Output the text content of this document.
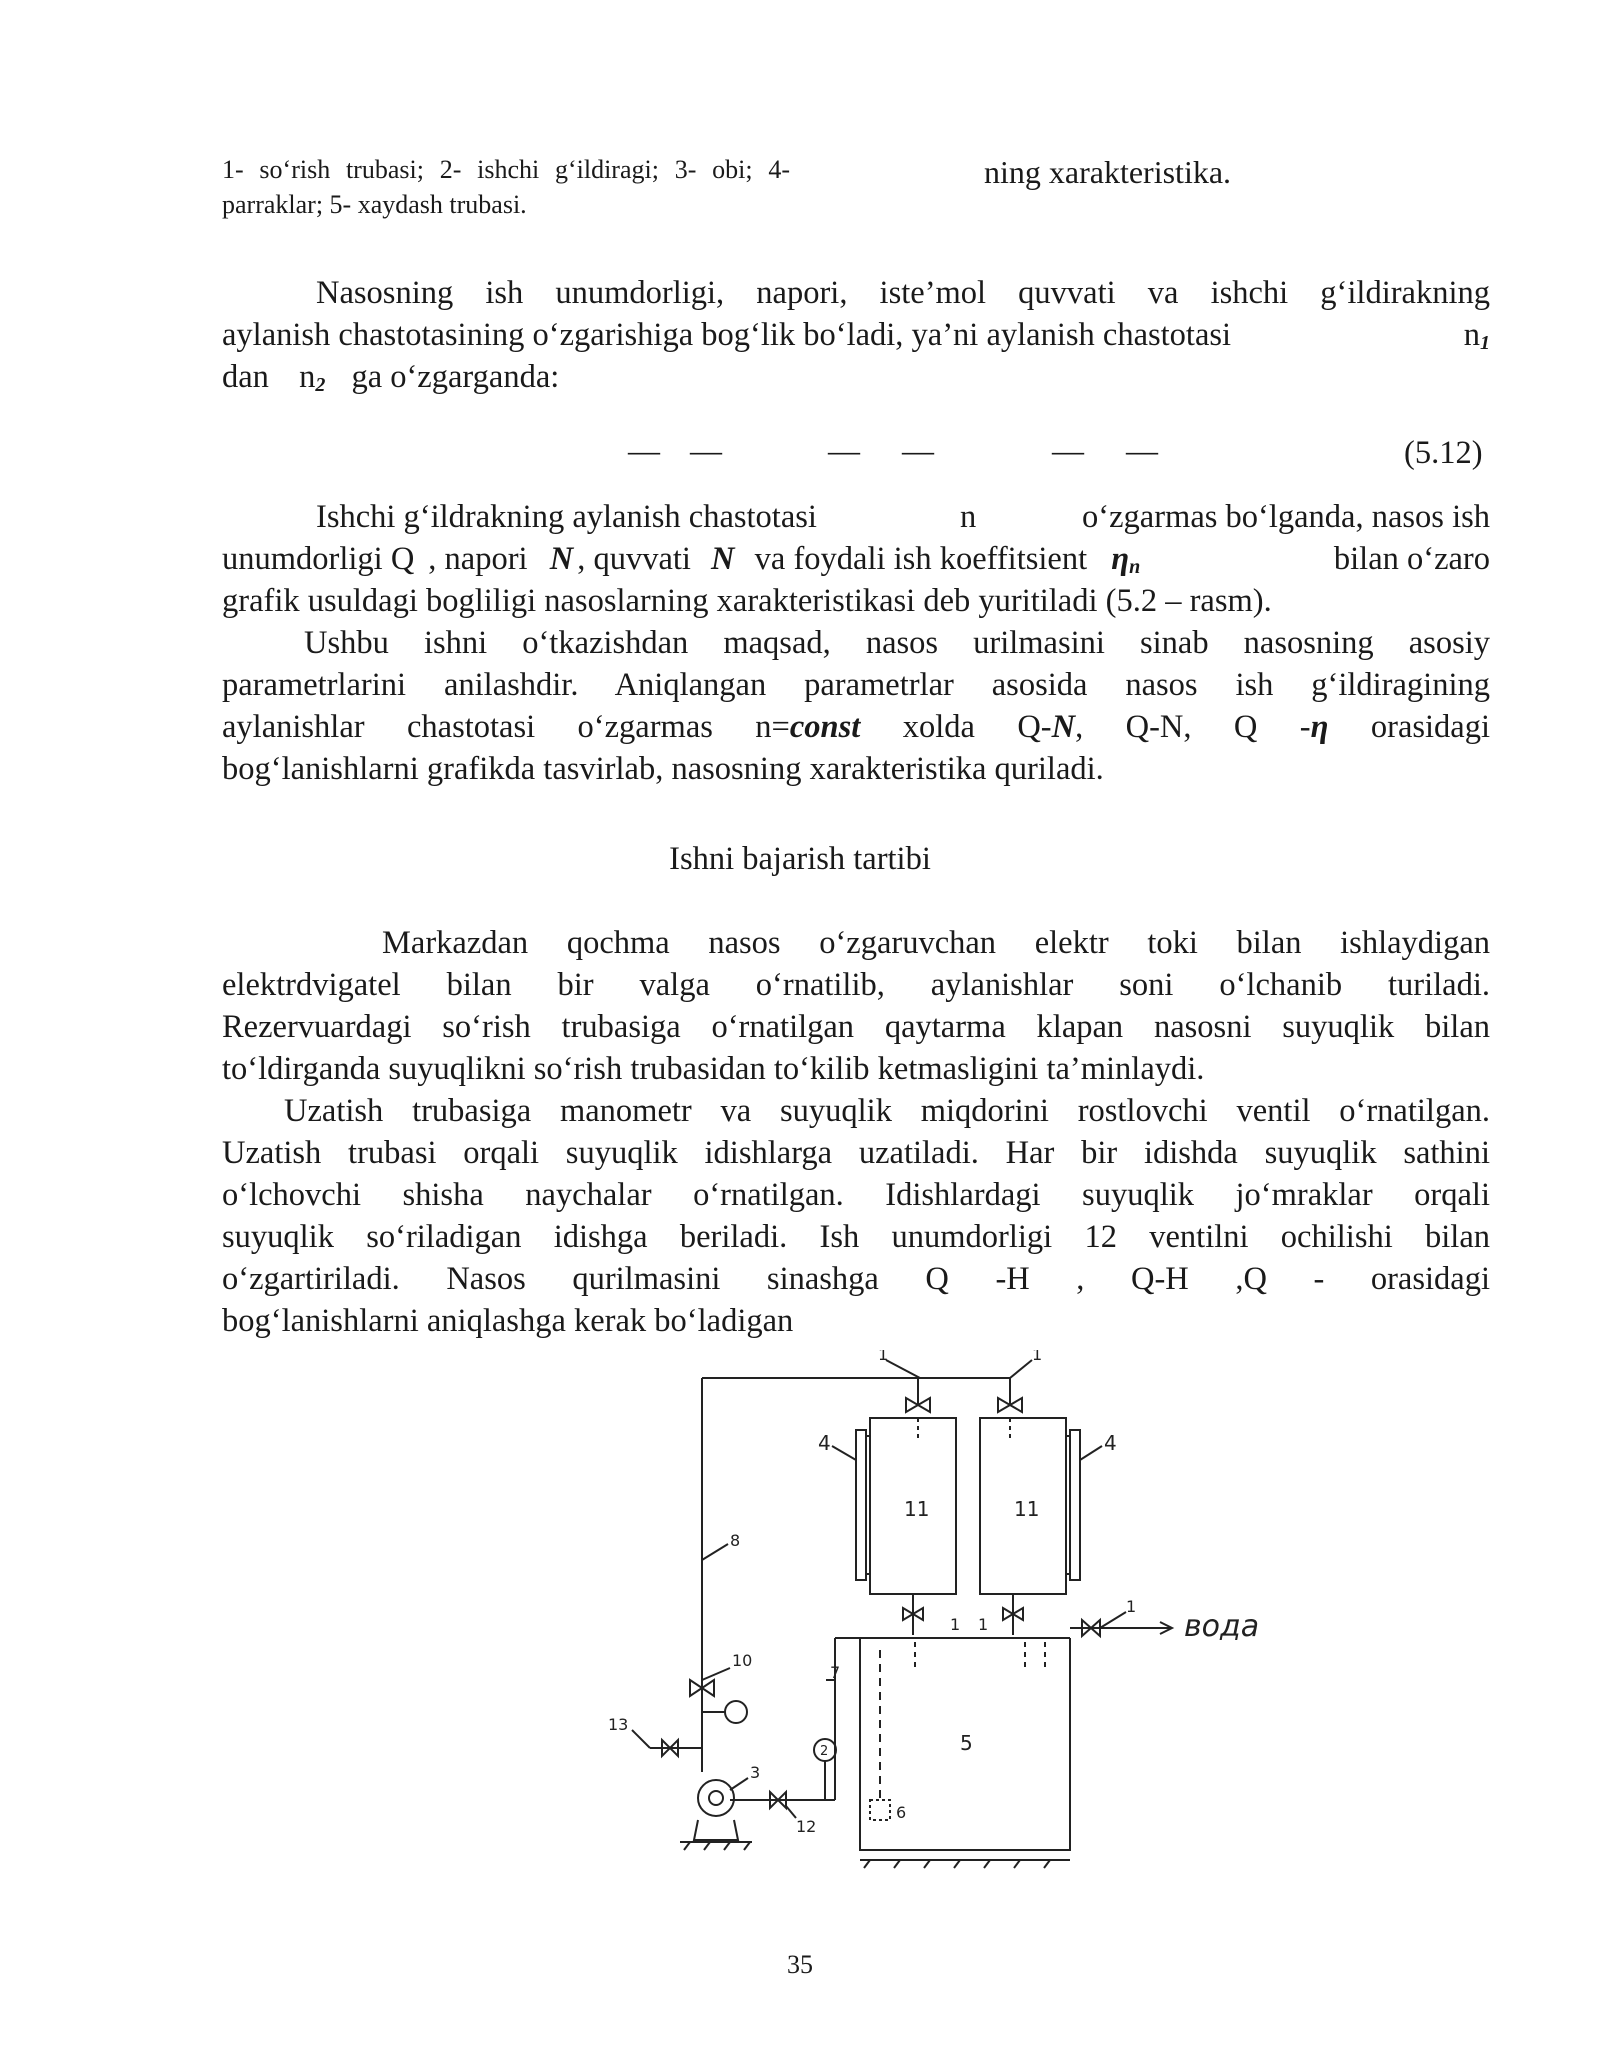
1- so‘rish trubasi; 2- ishchi g‘ildiragi; 3- obi; 4- parraklar; 5- xaydash trubasi.
ning xarakteristika.
Nasosning ish unumdorligi, napori, iste’mol quvvati va ishchi g‘ildirakning
aylanish chastotasining o‘zgarishiga bog‘lik bo‘ladi, ya’ni aylanish chastotasi	$n_1$
dan $n_2$ ga o‘zgarganda:
— —	— —	— —	(5.12)
Ishchi g‘ildrakning aylanish chastotasi	n	o‘zgarmas bo‘lganda, nasos ish
unumdorligi Q , napori N , quvvati N va foydali ish koeffitsient $\eta_n$	bilan o‘zaro
grafik usuldagi bogliligi nasoslarning xarakteristikasi deb yuritiladi (5.2 – rasm).
Ushbu ishni o‘tkazishdan maqsad, nasos urilmasini sinab nasosning asosiy
parametrlarini anilashdir. Aniqlangan parametrlar asosida nasos ish g‘ildiragining
aylanishlar chastotasi o‘zgarmas n=const xolda Q-N, Q-N, Q -η orasidagi
bog‘lanishlarni grafikda tasvirlab, nasosning xarakteristika quriladi.
Ishni bajarish tartibi
Markazdan qochma nasos o‘zgaruvchan elektr toki bilan ishlaydigan
elektrdvigatel bilan bir valga o‘rnatilib, aylanishlar soni o‘lchanib turiladi.
Rezervuardagi so‘rish trubasiga o‘rnatilgan qaytarma klapan nasosni suyuqlik bilan
to‘ldirganda suyuqlikni so‘rish trubasidan to‘kilib ketmasligini ta’minlaydi.
Uzatish trubasiga manometr va suyuqlik miqdorini rostlovchi ventil o‘rnatilgan.
Uzatish trubasi orqali suyuqlik idishlarga uzatiladi. Har bir idishda suyuqlik sathini
o‘lchovchi shisha naychalar o‘rnatilgan. Idishlardagi suyuqlik jo‘mraklar orqali
suyuqlik so‘riladigan idishga beriladi. Ish unumdorligi 12 ventilni ochilishi bilan
o‘zgartiriladi. Nasos qurilmasini sinashga Q -H , Q-H ,Q - orasidagi
bog‘lanishlarni aniqlashga kerak bo‘ladigan
1	1
1 1
1
4	4
11	11
8
10
7
13
3
2	5
12
6
вода
35
